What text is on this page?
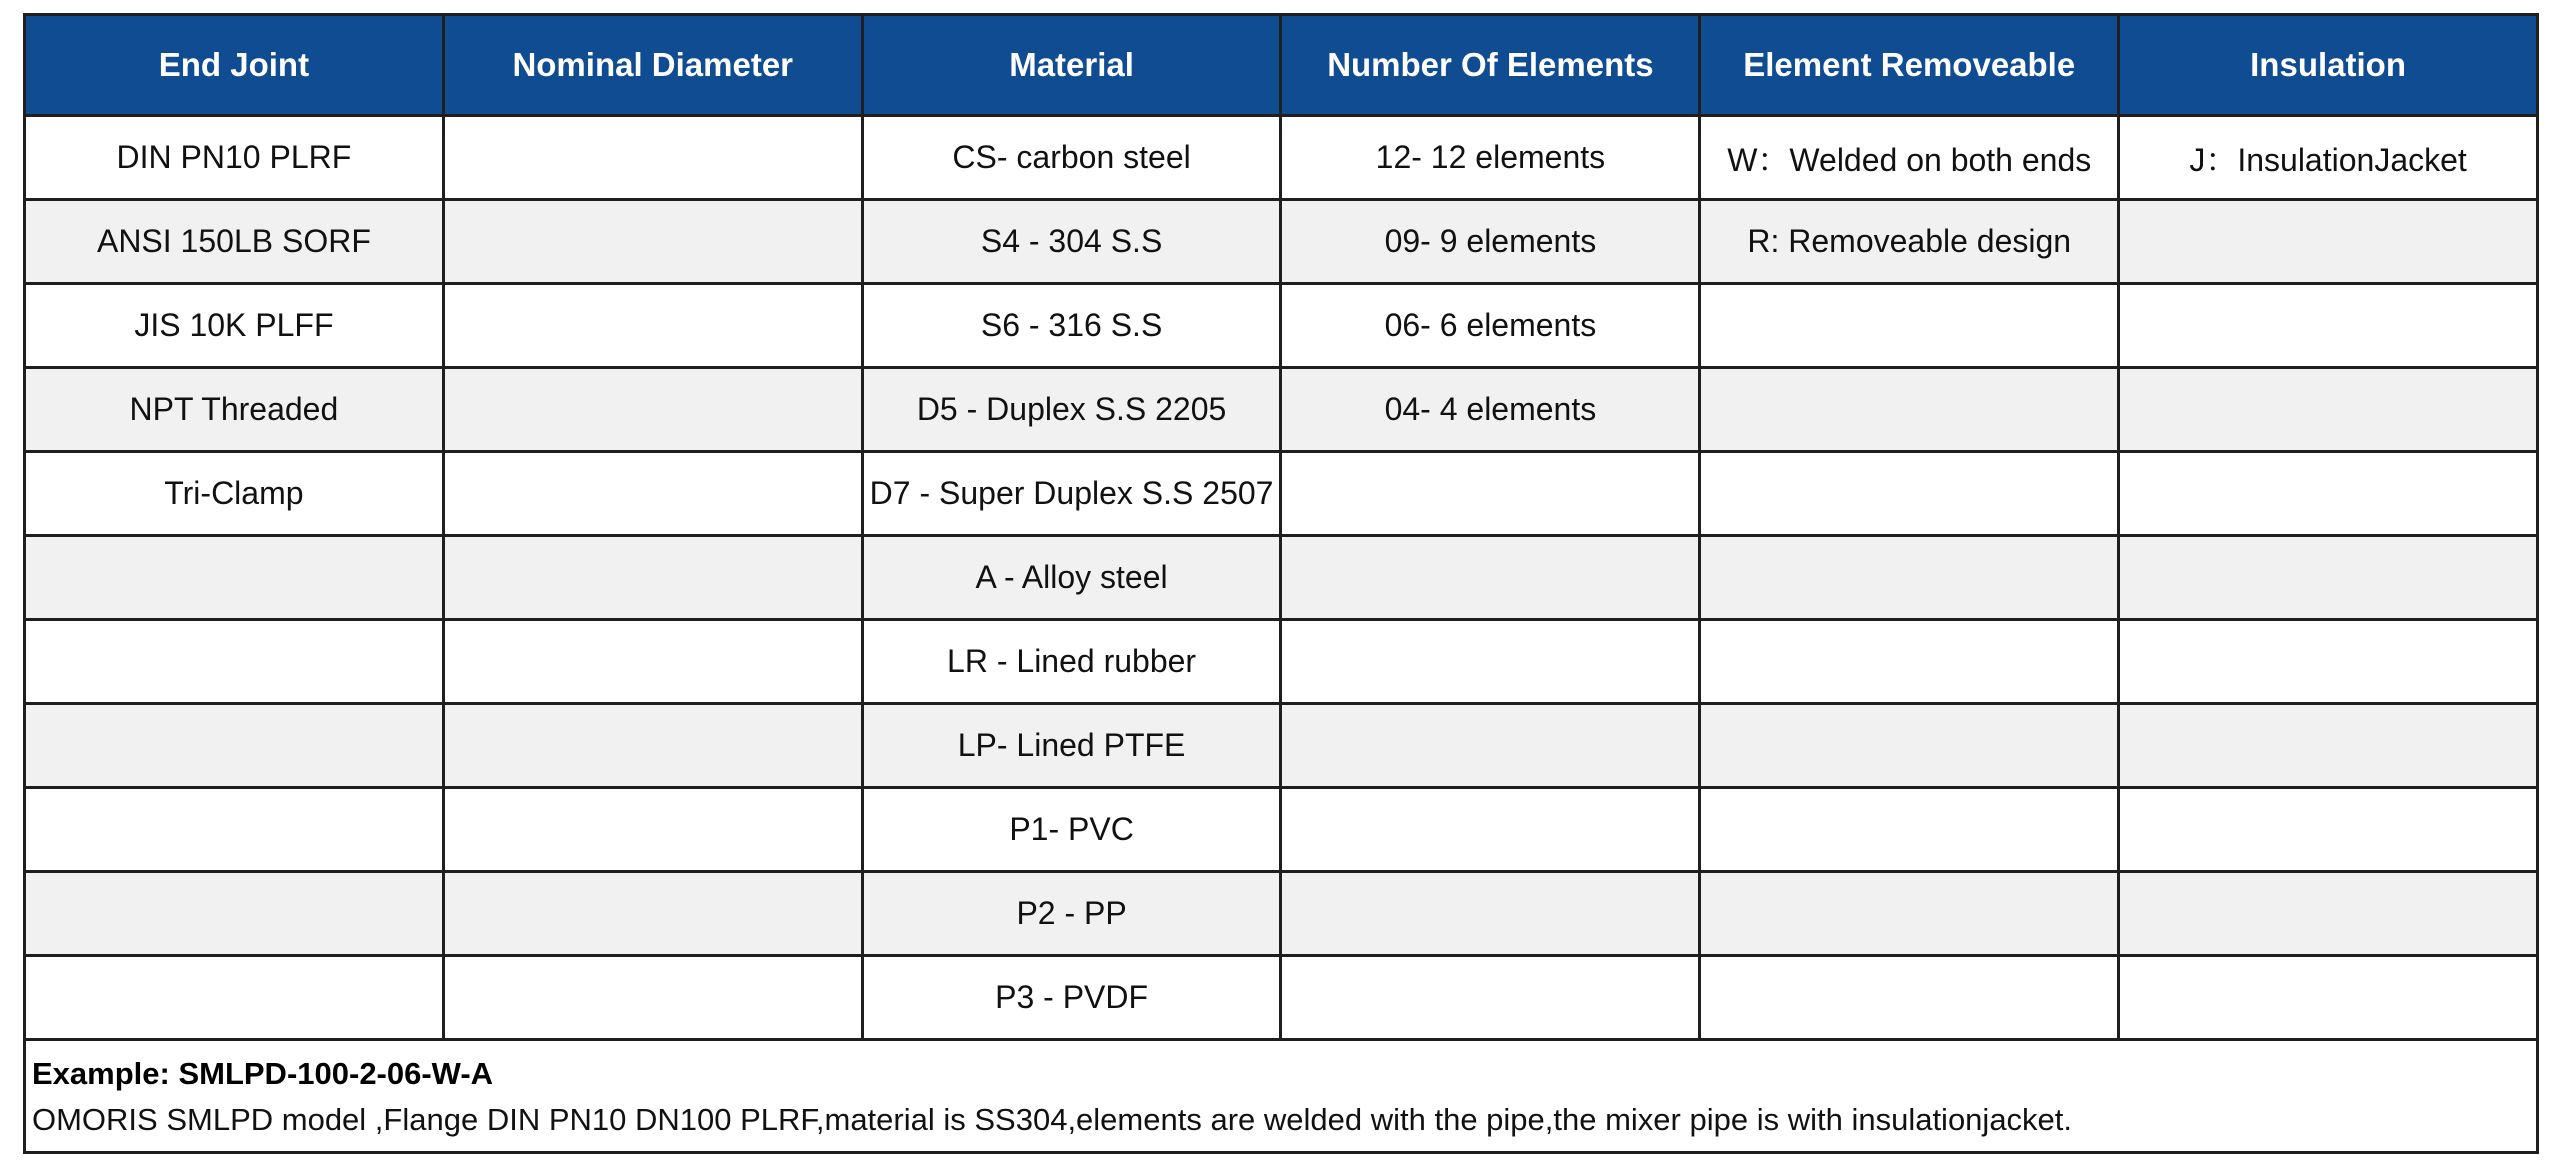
End Joint	Nominal Diameter	Material	Number Of Elements	Element Removeable	Insulation
DIN PN10 PLRF		CS- carbon steel	12- 12 elements	W：Welded on both ends	J：InsulationJacket
ANSI 150LB SORF		S4 - 304 S.S	09- 9 elements	R: Removeable design	
JIS 10K PLFF		S6 - 316 S.S	06- 6 elements		
NPT Threaded		D5 - Duplex S.S 2205	04- 4 elements		
Tri-Clamp		D7 - Super Duplex S.S 2507			
		A - Alloy steel			
		LR - Lined rubber			
		LP- Lined PTFE			
		P1- PVC			
		P2 - PP			
		P3 - PVDF			
Example: SMLPD-100-2-06-W-A
OMORIS SMLPD model ,Flange DIN PN10 DN100 PLRF,material is SS304,elements are welded with the pipe,the mixer pipe is with insulationjacket.
